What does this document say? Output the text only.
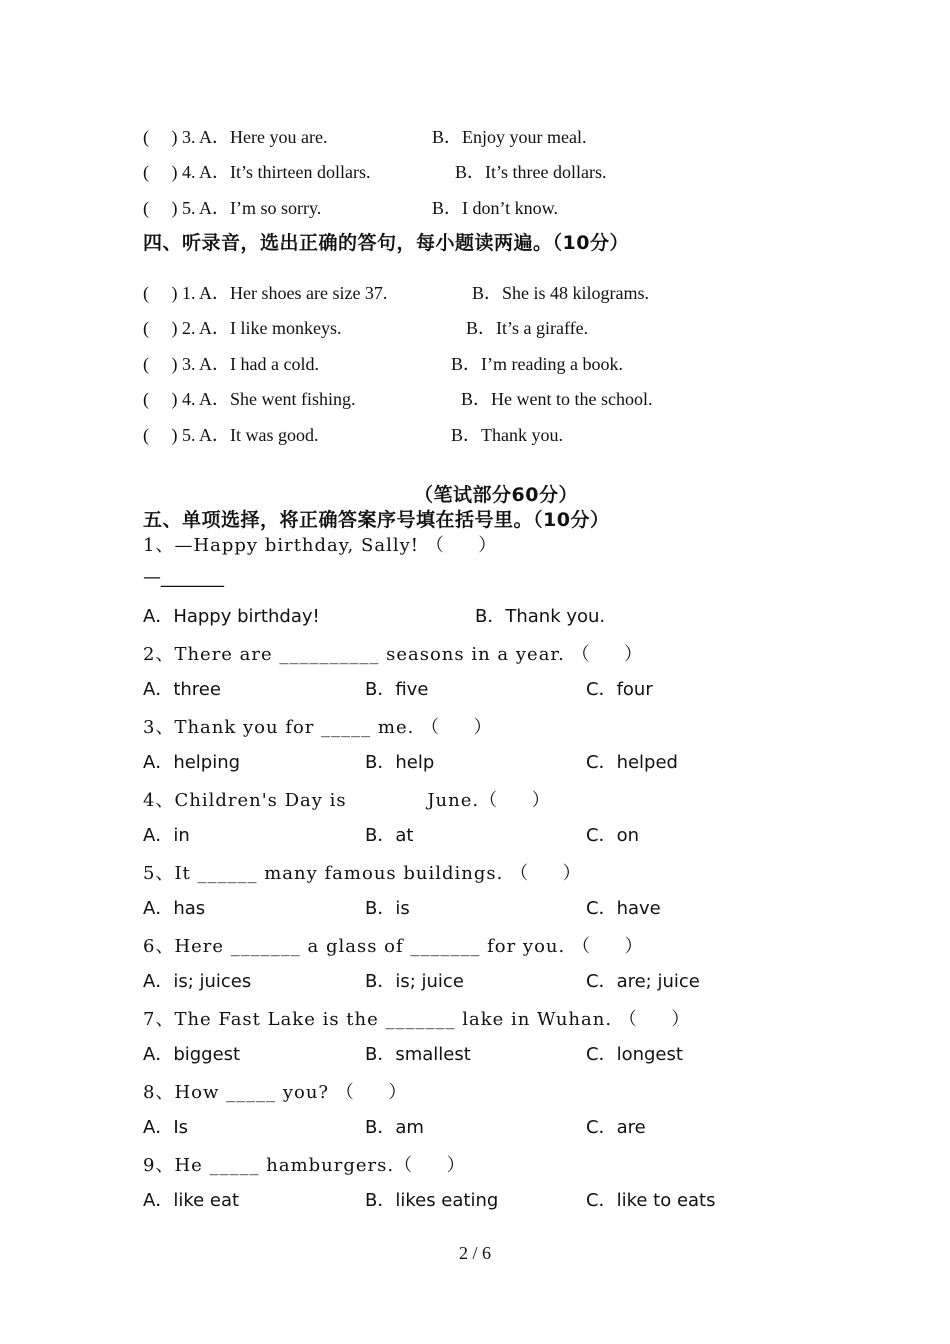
(     ) 3. A．Here you are.	B．Enjoy your meal.
(     ) 4. A．It’s thirteen dollars.	B．It’s three dollars.
(     ) 5. A．I’m so sorry.	B．I don’t know.
四、听录音，选出正确的答句，每小题读两遍。（10分）
(     ) 1. A．Her shoes are size 37.	B．She is 48 kilograms.
(     ) 2. A．I like monkeys.	B．It’s a giraffe.
(     ) 3. A．I had a cold.	B．I’m reading a book.
(     ) 4. A．She went fishing.	B．He went to the school.
(     ) 5. A．It was good.	B．Thank you.
（笔试部分60分）
五、单项选择，将正确答案序号填在括号里。（10分）
1、—Happy birthday, Sally! （     ）
—_______
A．Happy birthday!	B．Thank you.
2、There are __________ seasons in a year. （     ）
A．three	B．five	C．four
3、Thank you for _____ me. （     ）
A．helping	B．help	C．helped
4、Children's Day is            June.（     ）
A．in	B．at	C．on
5、It ______ many famous buildings. （     ）
A．has	B．is	C．have
6、Here _______ a glass of _______ for you. （     ）
A．is; juices	B．is; juice	C．are; juice
7、The Fast Lake is the _______ lake in Wuhan. （     ）
A．biggest	B．smallest	C．longest
8、How _____ you? （     ）
A．Is	B．am	C．are
9、He _____ hamburgers.（     ）
A．like eat	B．likes eating	C．like to eats
2 / 6
